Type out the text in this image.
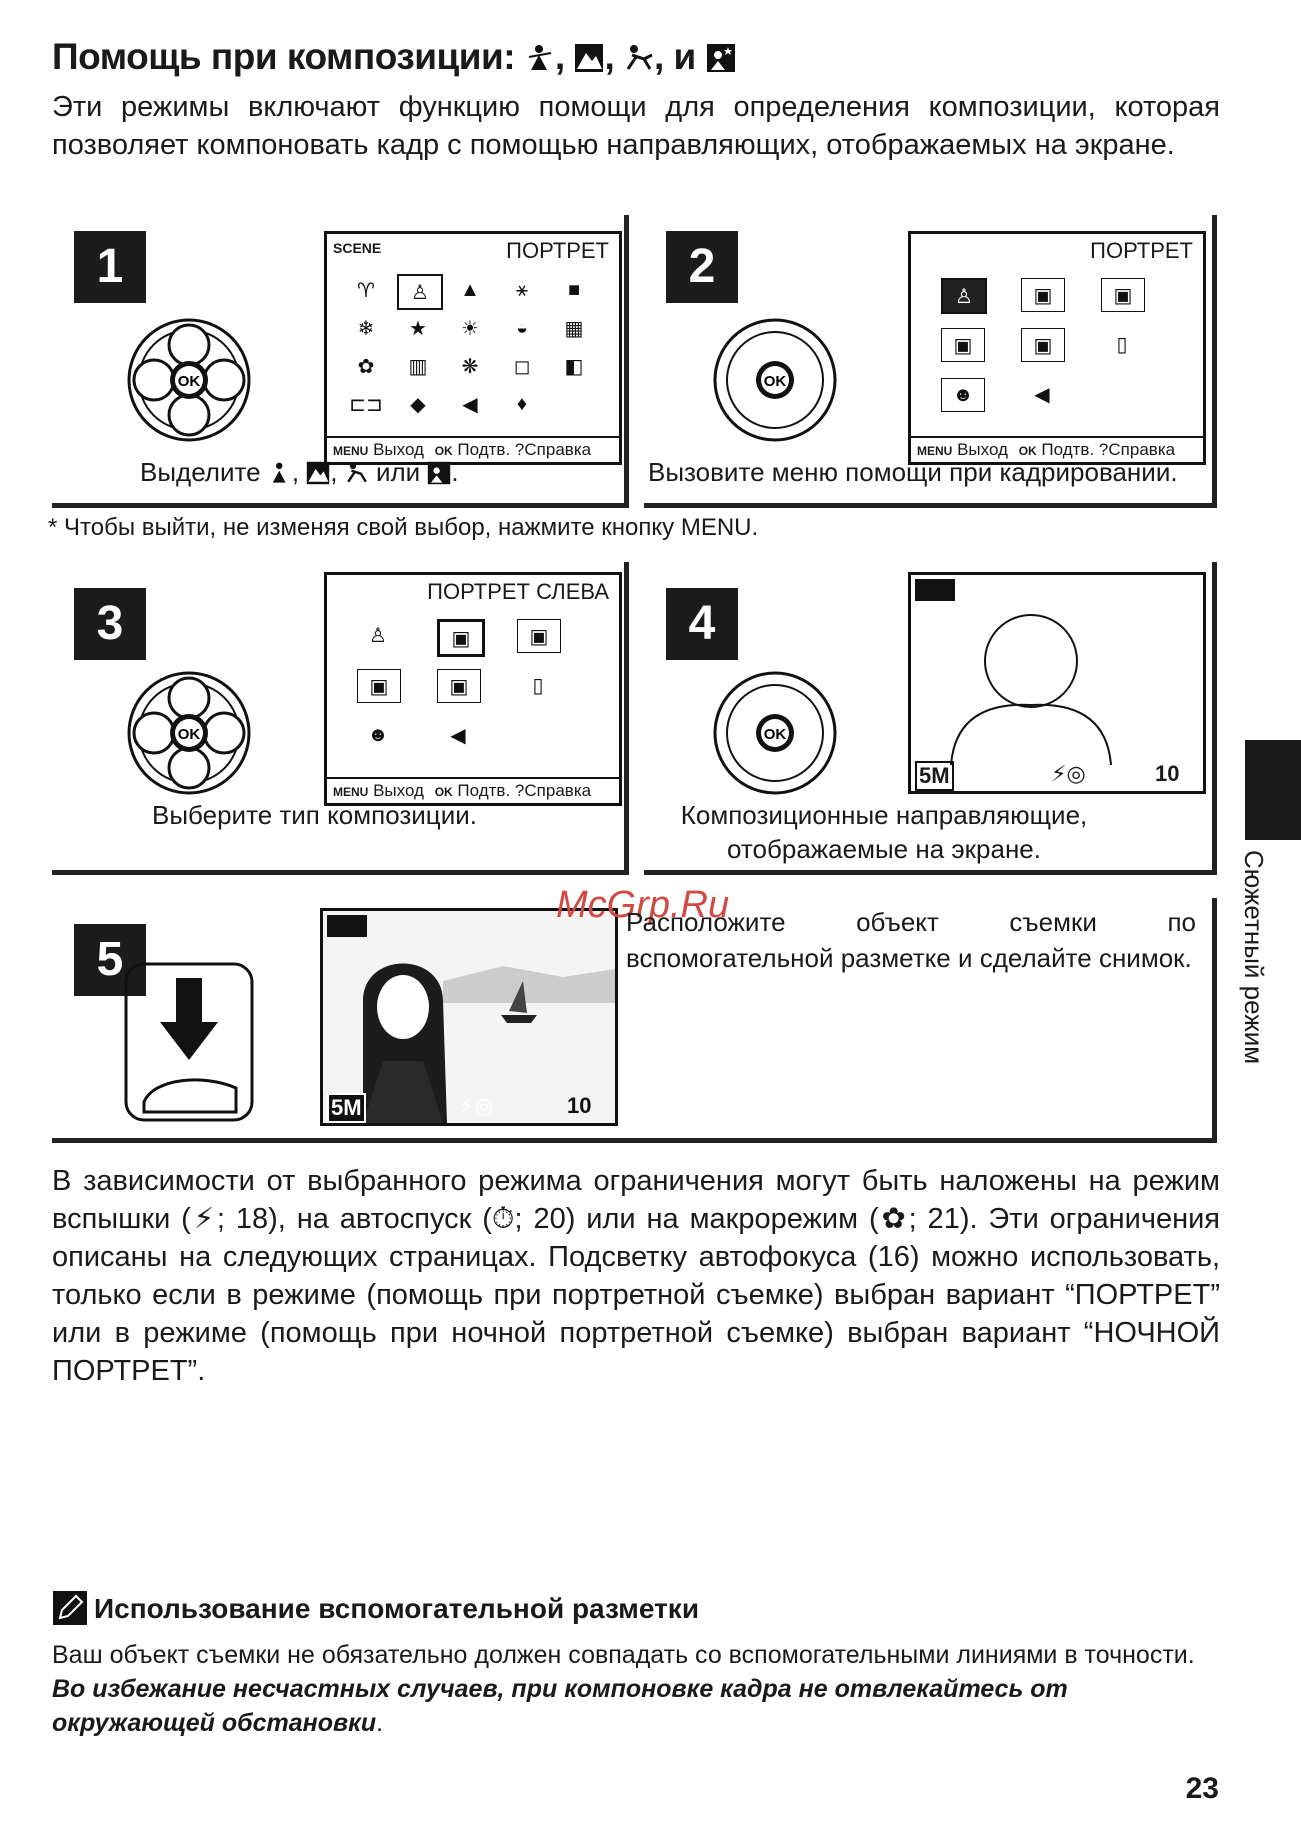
Помощь при композиции: , , , и

Эти режимы включают функцию помощи для определения композиции, которая позволяет компоновать кадр с помощью направляющих, отображаемых на экране.

1
OK
ПОРТРЕТ
SCENE
♈	♙	▲	⚹	■
❄	★	☀	◒	▦
✿	▥	❋	◻	◧
⊏⊐	◆	◀	♦
MENU Выход OK Подтв. ?Справка
Выделите , ,  или .
2
OK
ПОРТРЕТ
♙	▣	▣
▣	▣	▯
☻	◀
MENU Выход OK Подтв. ?Справка
Вызовите меню помощи при кадрировании.
* Чтобы выйти, не изменяя свой выбор, нажмите кнопку MENU.
3
OK
ПОРТРЕТ СЛЕВА
♙	▣	▣
▣	▣	▯
☻	◀
MENU Выход OK Подтв. ?Справка
Выберите тип композиции.
4
OK
5M	⚡◎	10
Композиционные направляющие, отображаемые на экране.
5
5M	⚡◎	10
McGrp.Ru

Расположите объект съемки по вспомогательной разметке и сделайте снимок.

В зависимости от выбранного режима ограничения могут быть наложены на режим вспышки (⚡; 18), на автоспуск (⏱; 20) или на макрорежим (✿; 21). Эти ограничения описаны на следующих страницах. Подсветку автофокуса (16) можно использовать, только если в режиме (помощь при портретной съемке) выбран вариант “ПОРТРЕТ” или в режиме (помощь при ночной портретной съемке) выбран вариант “НОЧНОЙ ПОРТРЕТ”.

Использование вспомогательной разметки

Ваш объект съемки не обязательно должен совпадать со вспомогательными линиями в точности. Во избежание несчастных случаев, при компоновке кадра не отвлекайтесь от окружающей обстановки.

Сюжетный режим
23
